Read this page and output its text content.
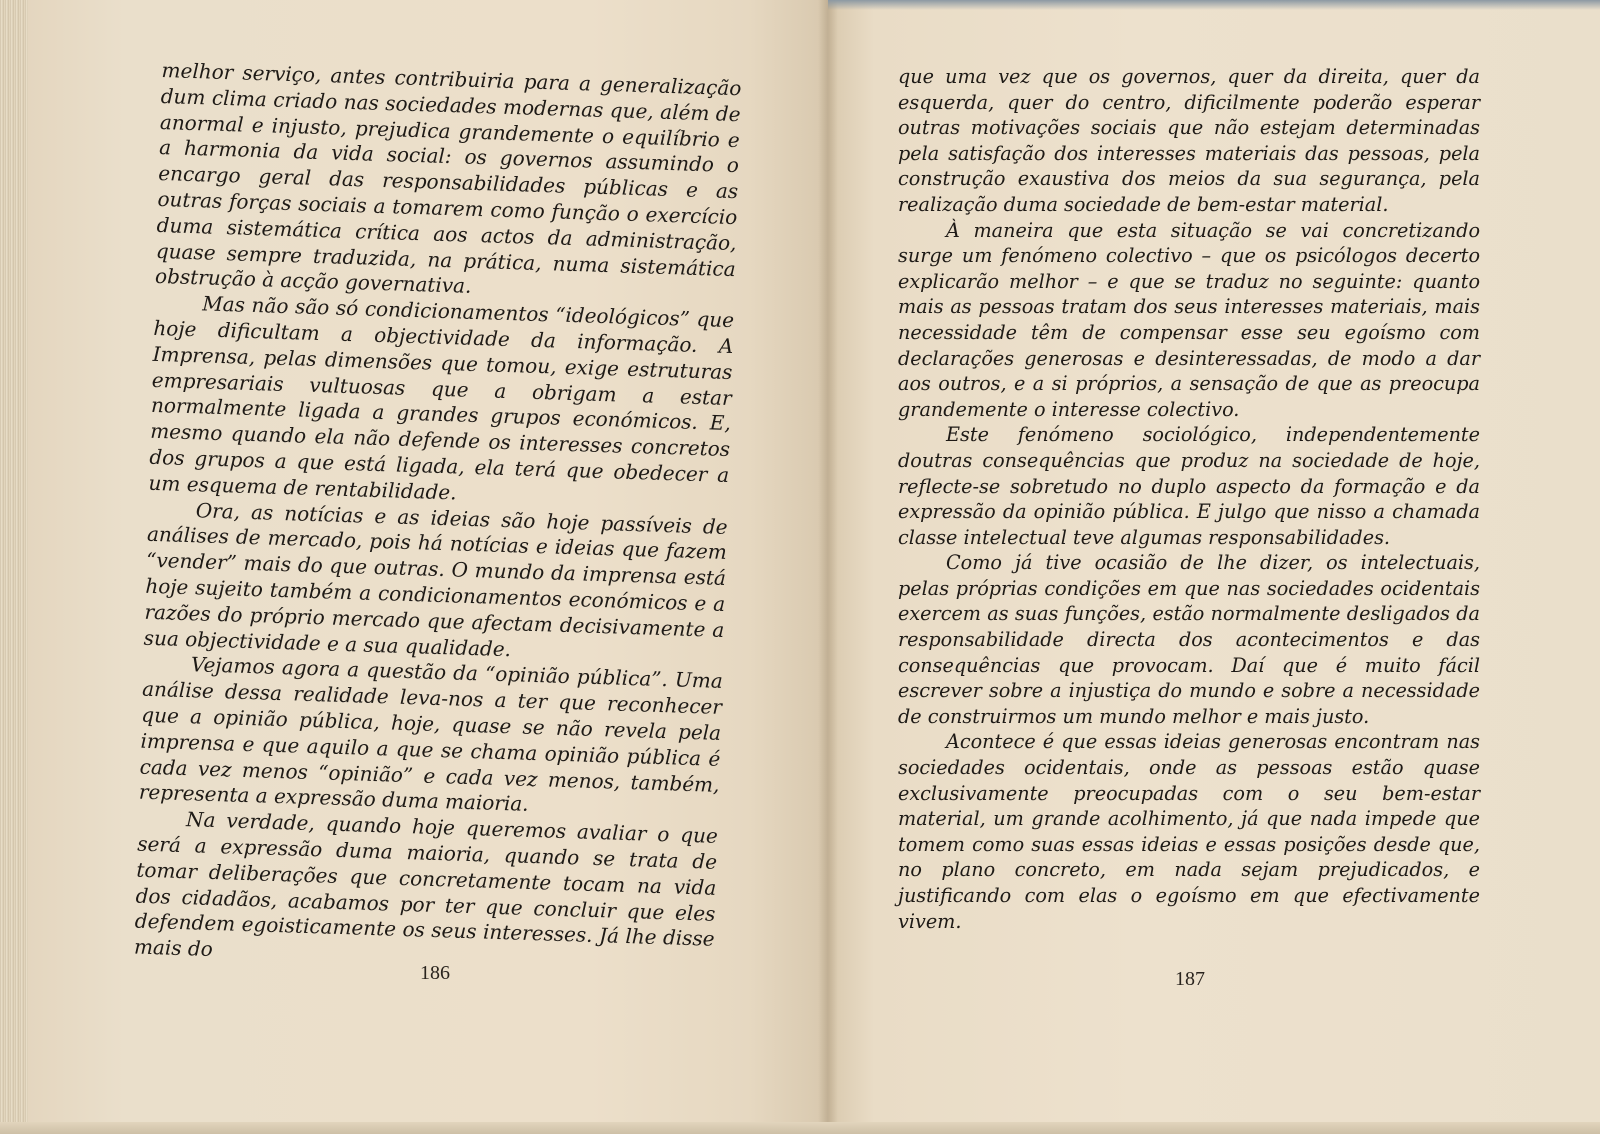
melhor serviço, antes contribuiria para a generalização dum clima criado nas sociedades modernas que, além de anormal e injusto, prejudica grandemente o equilíbrio e a harmonia da vida social: os governos assumindo o encargo geral das responsabilidades públicas e as outras forças sociais a tomarem como função o exercício duma sistemática crítica aos actos da administração, quase sempre traduzida, na prática, numa sistemática obstrução à acção governativa.

Mas não são só condicionamentos “ideológicos” que hoje dificultam a objectividade da informação. A Imprensa, pelas dimensões que tomou, exige estruturas empresariais vultuosas que a obrigam a estar normalmente ligada a grandes grupos económicos. E, mesmo quando ela não defende os interesses concretos dos grupos a que está ligada, ela terá que obedecer a um esquema de rentabilidade.

Ora, as notícias e as ideias são hoje passíveis de análises de mercado, pois há notícias e ideias que fazem “vender” mais do que outras. O mundo da imprensa está hoje sujeito também a condicionamentos económicos e a razões do próprio mercado que afectam decisivamente a sua objectividade e a sua qualidade.

Vejamos agora a questão da “opinião pública”. Uma análise dessa realidade leva-nos a ter que reconhecer que a opinião pública, hoje, quase se não revela pela imprensa e que aquilo a que se chama opinião pública é cada vez menos “opinião” e cada vez menos, também, representa a expressão duma maioria.

Na verdade, quando hoje queremos avaliar o que será a expressão duma maioria, quando se trata de tomar deliberações que concretamente tocam na vida dos cidadãos, acabamos por ter que concluir que eles defendem egoisticamente os seus interesses. Já lhe disse mais do

186

que uma vez que os governos, quer da direita, quer da esquerda, quer do centro, dificilmente poderão esperar outras motivações sociais que não estejam determinadas pela satisfação dos interesses materiais das pessoas, pela construção exaustiva dos meios da sua segurança, pela realização duma sociedade de bem-estar material.

À maneira que esta situação se vai concretizando surge um fenómeno colectivo – que os psicólogos decerto explicarão melhor – e que se traduz no seguinte: quanto mais as pessoas tratam dos seus interesses materiais, mais necessidade têm de compensar esse seu egoísmo com declarações generosas e desinteressadas, de modo a dar aos outros, e a si próprios, a sensação de que as preocupa grandemente o interesse colectivo.

Este fenómeno sociológico, independentemente doutras consequências que produz na sociedade de hoje, reflecte-se sobretudo no duplo aspecto da formação e da expressão da opinião pública. E julgo que nisso a chamada classe intelectual teve algumas responsabilidades.

Como já tive ocasião de lhe dizer, os intelectuais, pelas próprias condições em que nas sociedades ocidentais exercem as suas funções, estão normalmente desligados da responsabilidade directa dos acontecimentos e das consequências que provocam. Daí que é muito fácil escrever sobre a injustiça do mundo e sobre a necessidade de construirmos um mundo melhor e mais justo.

Acontece é que essas ideias generosas encontram nas sociedades ocidentais, onde as pessoas estão quase exclusivamente preocupadas com o seu bem-estar material, um grande acolhimento, já que nada impede que tomem como suas essas ideias e essas posições desde que, no plano concreto, em nada sejam prejudicados, e justificando com elas o egoísmo em que efectivamente vivem.

187
